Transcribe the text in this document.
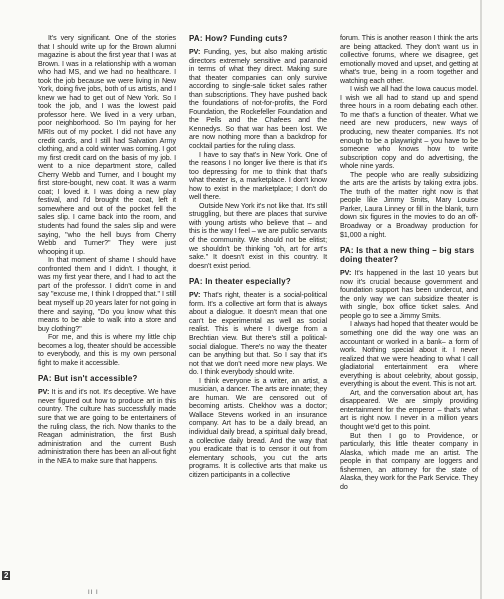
It's very significant. One of the stories that I should write up for the Brown alumni magazine is about the first year that I was at Brown. I was in a relationship with a woman who had MS, and we had no healthcare. I took the job because we were living in New York, doing five jobs, both of us artists, and I knew we had to get out of New York. So I took the job, and I was the lowest paid professor here. We lived in a very urban, poor neighborhood. So I'm paying for her MRIs out of my pocket. I did not have any credit cards, and I still had Salvation Army clothing, and a cold winter was coming. I got my first credit card on the basis of my job. I went to a nice department store, called Cherry Webb and Turner, and I bought my first store-bought, new coat. It was a warm coat; I loved it. I was doing a new play festival, and I'd brought the coat, left it somewhere and out of the pocket fell the sales slip. I came back into the room, and students had found the sales slip and were saying, "who the hell buys from Cherry Webb and Turner?" They were just whooping it up.

In that moment of shame I should have confronted them and I didn't. I thought, it was my first year there, and I had to act the part of the professor. I didn't come in and say "excuse me, I think I dropped that." I still beat myself up 20 years later for not going in there and saying, "Do you know what this means to be able to walk into a store and buy clothing?"

For me, and this is where my little chip becomes a log, theater should be accessible to everybody, and this is my own personal fight to make it accessible.

PA: But isn't accessible?

PV: It is and it's not. It's deceptive. We have never figured out how to produce art in this country. The culture has successfully made sure that we are going to be entertainers of the ruling class, the rich. Now thanks to the Reagan administration, the first Bush administration and the current Bush administration there has been an all-out fight in the NEA to make sure that happens.

PA: How? Funding cuts?

PV: Funding, yes, but also making artistic directors extremely sensitive and paranoid in terms of what they direct. Making sure that theater companies can only survive according to single-sale ticket sales rather than subscriptions. They have pushed back the foundations of not-for-profits, the Ford Foundation, the Rockefeller Foundation and the Pells and the Chafees and the Kennedys. So that war has been lost. We are now nothing more than a backdrop for cocktail parties for the ruling class.

I have to say that's in New York. One of the reasons I no longer live there is that it's too depressing for me to think that that's what theater is, a marketplace. I don't know how to exist in the marketplace; I don't do well there.

Outside New York it's not like that. It's still struggling, but there are places that survive with young artists who believe that – and this is the way I feel – we are public servants of the community. We should not be elitist; we shouldn't be thinking "oh, art for art's sake." It doesn't exist in this country. It doesn't exist period.

PA: In theater especially?

PV: That's right, theater is a social-political form. It's a collective art form that is always about a dialogue. It doesn't mean that one can't be experimental as well as social realist. This is where I diverge from a Brechtian view. But there's still a political-social dialogue. There's no way the theater can be anything but that. So I say that it's not that we don't need more new plays. We do. I think everybody should write.

I think everyone is a writer, an artist, a musician, a dancer. The arts are innate; they are human. We are censored out of becoming artists. Chekhov was a doctor; Wallace Stevens worked in an insurance company. Art has to be a daily bread, an individual daily bread, a spiritual daily bread, a collective daily bread. And the way that you eradicate that is to censor it out from elementary schools, you cut the arts programs. It is collective arts that make us citizen participants in a collective

forum. This is another reason I think the arts are being attacked. They don't want us in collective forums, where we disagree, get emotionally moved and upset, and getting at what's true, being in a room together and watching each other.

I wish we all had the Iowa caucus model. I wish we all had to stand up and spend three hours in a room debating each other. To me that's a function of theater. What we need are new producers, new ways of producing, new theater companies. It's not enough to be a playwright – you have to be someone who knows how to write subscription copy and do advertising, the whole nine yards.

The people who are really subsidizing the arts are the artists by taking extra jobs. The truth of the matter right now is that people like Jimmy Smits, Mary Louise Parker, Laura Linney or fill in the blank, turn down six figures in the movies to do an off-Broadway or a Broadway production for $1,000 a night.

PA: Is that a new thing – big stars doing theater?

PV: It's happened in the last 10 years but now it's crucial because government and foundation support has been undercut, and the only way we can subsidize theater is with single, box office ticket sales. And people go to see a Jimmy Smits.

I always had hoped that theater would be something one did the way one was an accountant or worked in a bank– a form of work. Nothing special about it. I never realized that we were heading to what I call gladiatorial entertainment era where everything is about celebrity, about gossip, everything is about the event. This is not art.

Art, and the conversation about art, has disappeared. We are simply providing entertainment for the emperor – that's what art is right now. I never in a million years thought we'd get to this point.

But then I go to Providence, or particularly, this little theater company in Alaska, which made me an artist. The people in that company are loggers and fishermen, an attorney for the state of Alaska, they work for the Park Service. They do

2
II I
